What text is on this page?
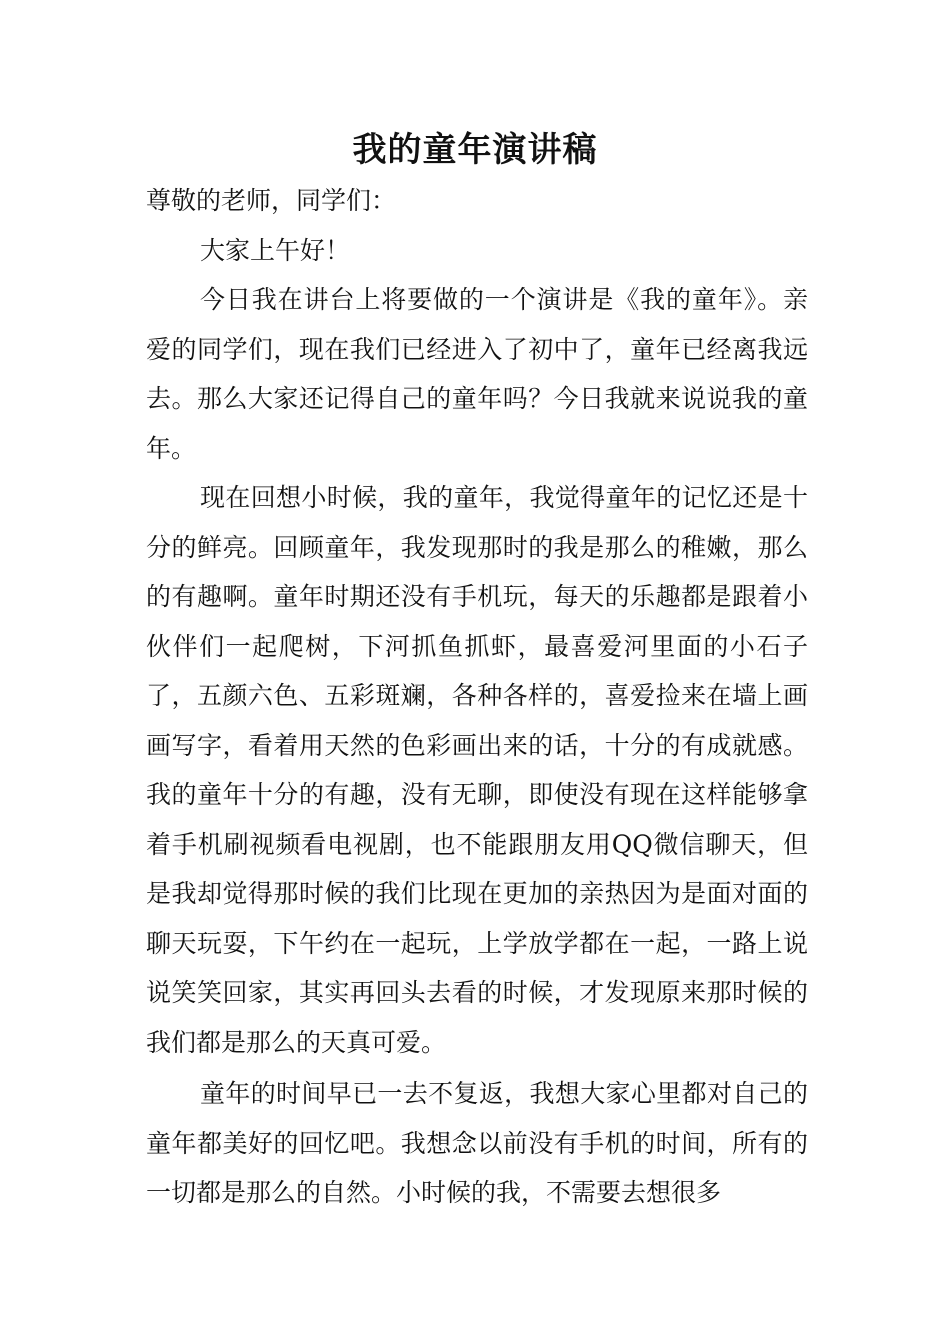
我的童年演讲稿

尊敬的老师，同学们：

大家上午好！

今日我在讲台上将要做的一个演讲是《我的童年》。亲爱的同学们，现在我们已经进入了初中了，童年已经离我远去。那么大家还记得自己的童年吗？今日我就来说说我的童年。

现在回想小时候，我的童年，我觉得童年的记忆还是十分的鲜亮。回顾童年，我发现那时的我是那么的稚嫩，那么的有趣啊。童年时期还没有手机玩，每天的乐趣都是跟着小伙伴们一起爬树，下河抓鱼抓虾，最喜爱河里面的小石子了，五颜六色、五彩斑斓，各种各样的，喜爱捡来在墙上画画写字，看着用天然的色彩画出来的话，十分的有成就感。我的童年十分的有趣，没有无聊，即使没有现在这样能够拿着手机刷视频看电视剧，也不能跟朋友用QQ微信聊天，但是我却觉得那时候的我们比现在更加的亲热因为是面对面的聊天玩耍，下午约在一起玩，上学放学都在一起，一路上说说笑笑回家，其实再回头去看的时候，才发现原来那时候的我们都是那么的天真可爱。

童年的时间早已一去不复返，我想大家心里都对自己的童年都美好的回忆吧。我想念以前没有手机的时间，所有的一切都是那么的自然。小时候的我，不需要去想很多
